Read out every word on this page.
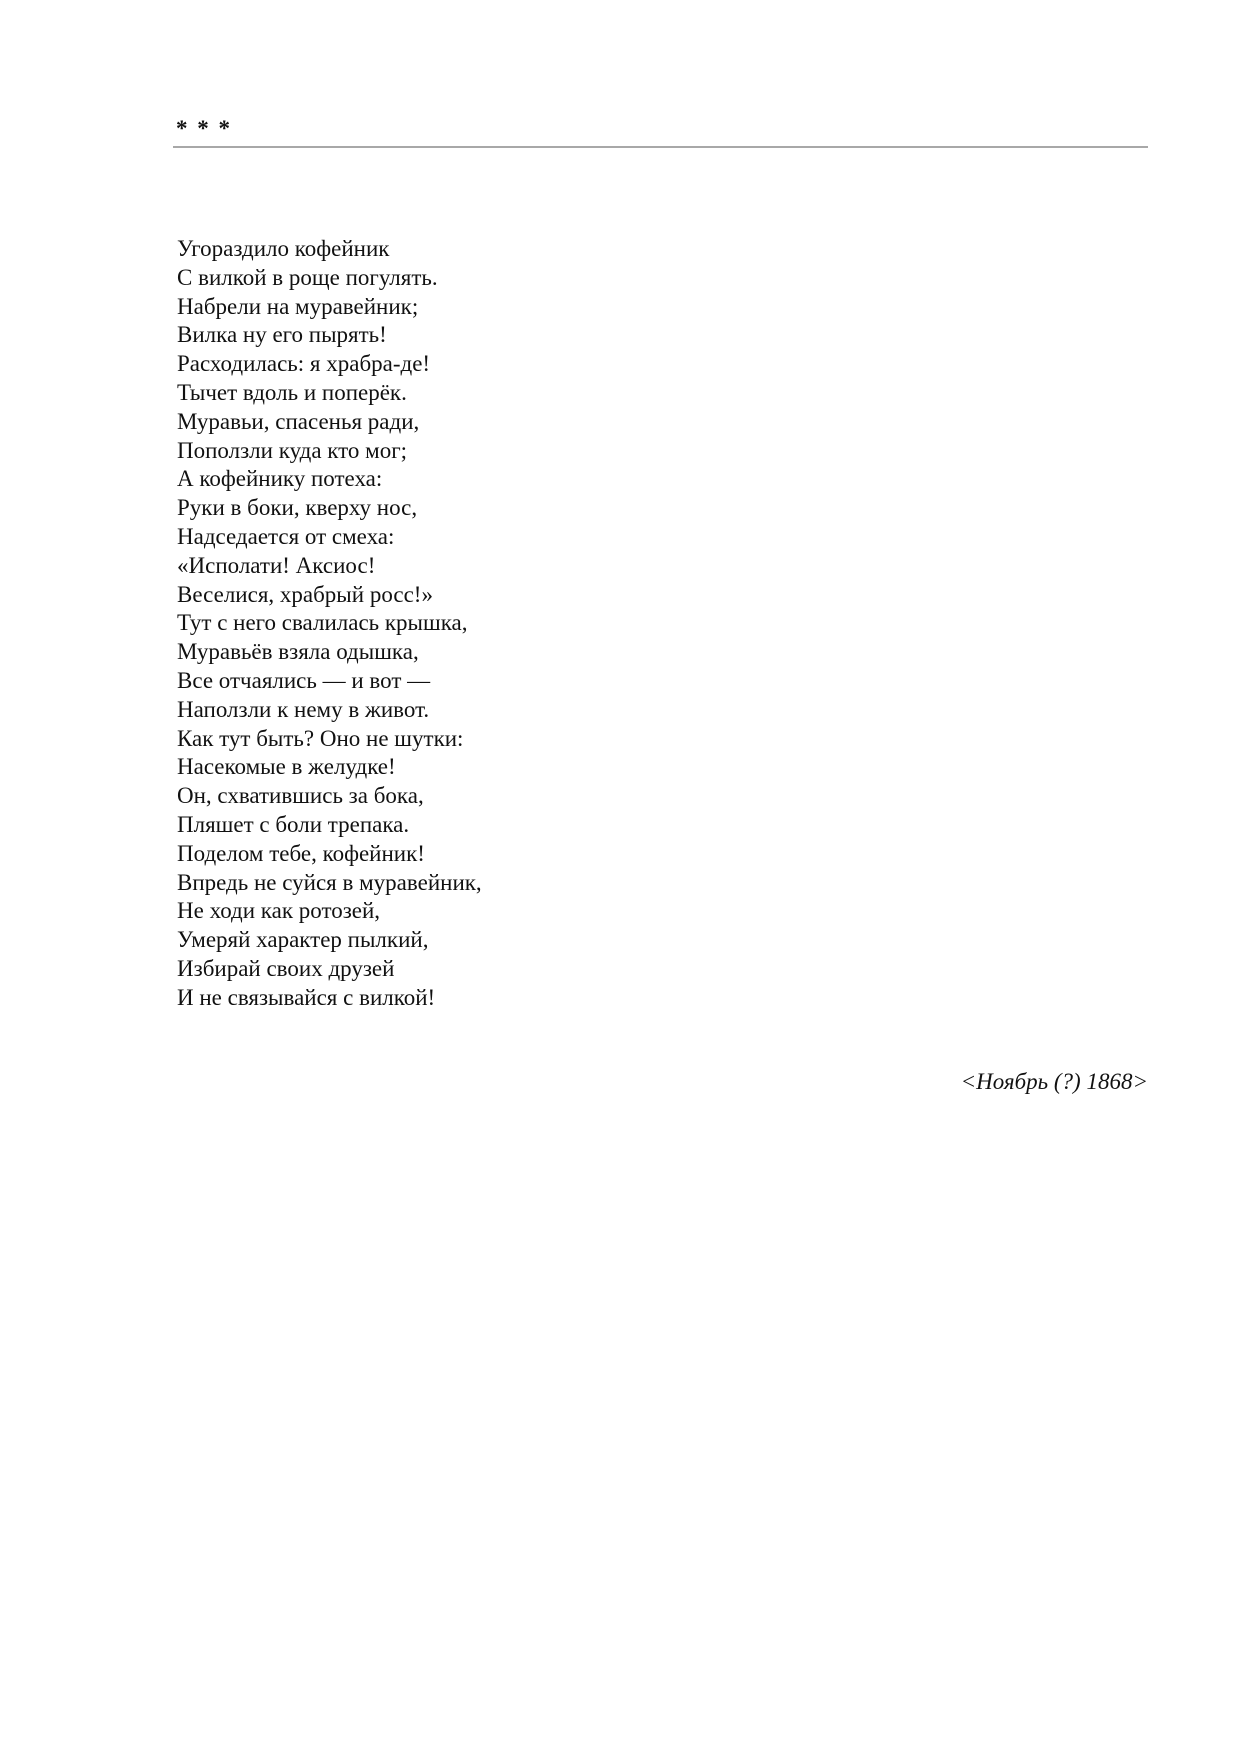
* * *
Угораздило кофейник
С вилкой в роще погулять.
Набрели на муравейник;
Вилка ну его пырять!
Расходилась: я храбра-де!
Тычет вдоль и поперёк.
Муравьи, спасенья ради,
Поползли куда кто мог;
А кофейнику потеха:
Руки в боки, кверху нос,
Надседается от смеха:
«Исполати! Аксиос!
Веселися, храбрый росс!»
Тут с него свалилась крышка,
Муравьёв взяла одышка,
Все отчаялись — и вот —
Наползли к нему в живот.
Как тут быть? Оно не шутки:
Насекомые в желудке!
Он, схватившись за бока,
Пляшет с боли трепака.
Поделом тебе, кофейник!
Впредь не суйся в муравейник,
Не ходи как ротозей,
Умеряй характер пылкий,
Избирай своих друзей
И не связывайся с вилкой!
<Ноябрь (?) 1868>
